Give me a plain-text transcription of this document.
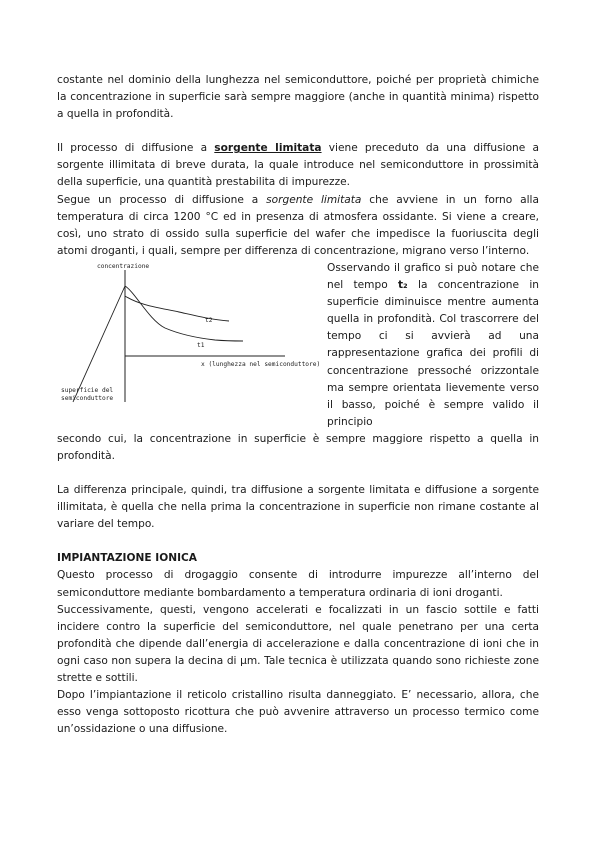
costante nel dominio della lunghezza nel semiconduttore, poiché per proprietà chimiche la concentrazione in superficie sarà sempre maggiore (anche in quantità minima) rispetto a quella in profondità.

Il processo di diffusione a sorgente limitata viene preceduto da una diffusione a sorgente illimitata di breve durata, la quale introduce nel semiconduttore in prossimità della superficie, una quantità prestabilita di impurezze.

Segue un processo di diffusione a sorgente limitata che avviene in un forno alla temperatura di circa 1200 °C ed in presenza di atmosfera ossidante. Si viene a creare, così, uno strato di ossido sulla superficie del wafer che impedisce la fuoriuscita degli atomi droganti, i quali, sempre per differenza di concentrazione, migrano verso l’interno.

concentrazione
x (lunghezza nel semiconduttore)
superficie del
semiconduttore
t2
t1

Osservando il grafico si può notare che nel tempo t₂ la concentrazione in superficie diminuisce mentre aumenta quella in profondità. Col trascorrere del tempo ci si avvierà ad una rappresentazione grafica dei profili di concentrazione pressoché orizzontale ma sempre orientata lievemente verso il basso, poiché è sempre valido il principio

secondo cui, la concentrazione in superficie è sempre maggiore rispetto a quella in profondità.

La differenza principale, quindi, tra diffusione a sorgente limitata e diffusione a sorgente illimitata, è quella che nella prima la concentrazione in superficie non rimane costante al variare del tempo.

IMPIANTAZIONE IONICA

Questo processo di drogaggio consente di introdurre impurezze all’interno del semiconduttore mediante bombardamento a temperatura ordinaria di ioni droganti.

Successivamente, questi, vengono accelerati e focalizzati in un fascio sottile e fatti incidere contro la superficie del semiconduttore, nel quale penetrano per una certa profondità che dipende dall’energia di accelerazione e dalla concentrazione di ioni che in ogni caso non supera la decina di µm. Tale tecnica è utilizzata quando sono richieste zone strette e sottili.

Dopo l’impiantazione il reticolo cristallino risulta danneggiato. E’ necessario, allora, che esso venga sottoposto ricottura che può avvenire attraverso un processo termico come un’ossidazione o una diffusione.
